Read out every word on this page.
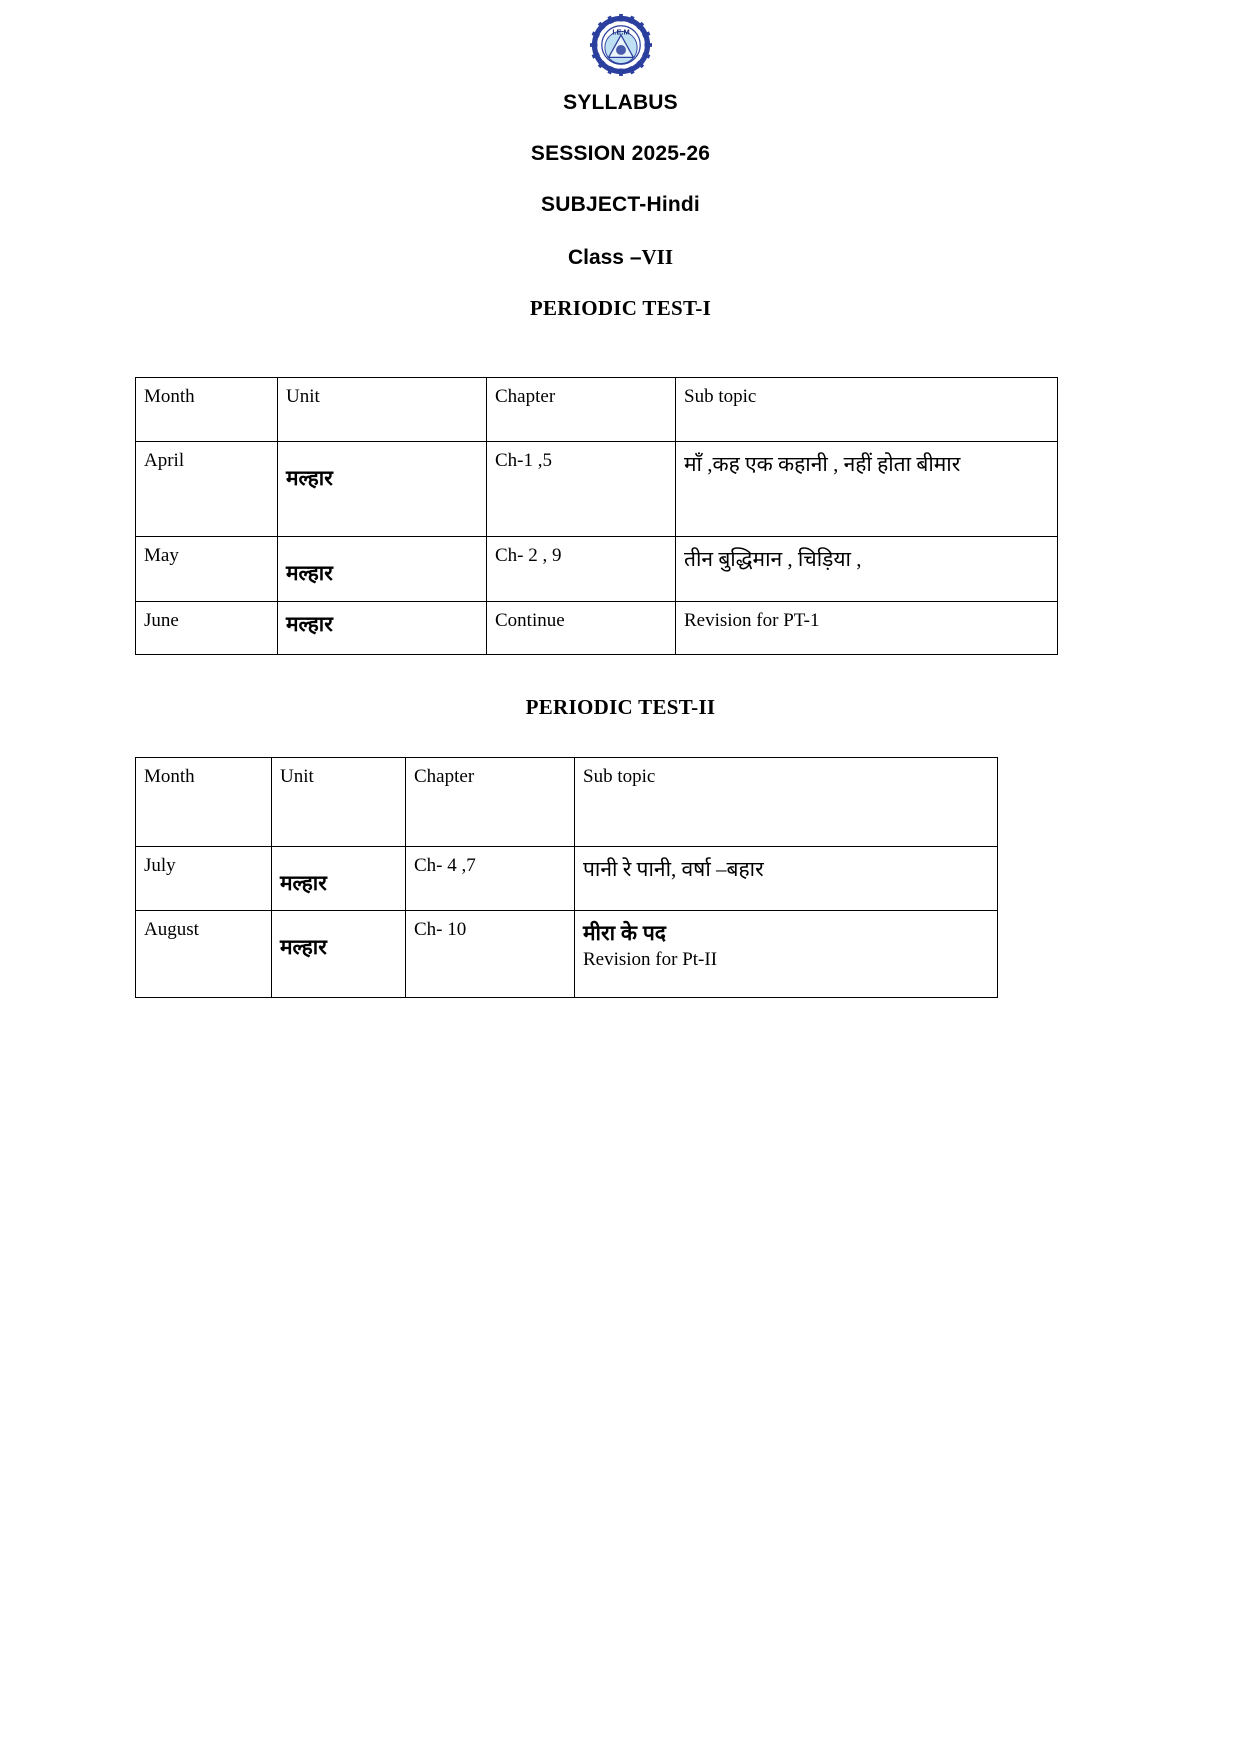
I.E.M

SYLLABUS

SESSION 2025-26

SUBJECT-Hindi

Class –VII

PERIODIC TEST-I

Month	Unit	Chapter	Sub topic
April	मल्हार	Ch-1 ,5	माँ ,कह एक कहानी , नहीं होता बीमार
May	मल्हार	Ch- 2 , 9	तीन बुद्धिमान , चिड़िया ,
June	मल्हार	Continue	Revision for PT-1

PERIODIC TEST-II

Month	Unit	Chapter	Sub topic
July	मल्हार	Ch- 4 ,7	पानी रे पानी, वर्षा –बहार
August	मल्हार	Ch- 10	मीरा के पद
Revision for Pt-II
